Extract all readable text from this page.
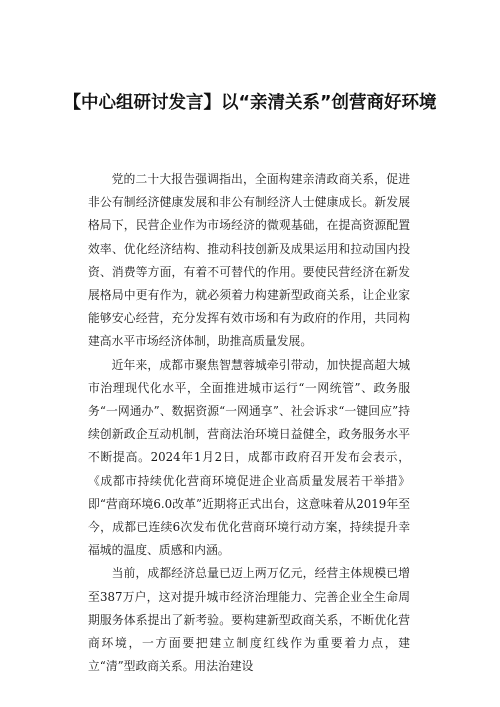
【中心组研讨发言】以“亲清关系”创营商好环境

党的二十大报告强调指出，全面构建亲清政商关系，促进非公有制经济健康发展和非公有制经济人士健康成长。新发展格局下，民营企业作为市场经济的微观基础，在提高资源配置效率、优化经济结构、推动科技创新及成果运用和拉动国内投资、消费等方面，有着不可替代的作用。要使民营经济在新发展格局中更有作为，就必须着力构建新型政商关系，让企业家能够安心经营，充分发挥有效市场和有为政府的作用，共同构建高水平市场经济体制，助推高质量发展。

近年来，成都市聚焦智慧蓉城牵引带动，加快提高超大城市治理现代化水平，全面推进城市运行“一网统管”、政务服务“一网通办”、数据资源“一网通享”、社会诉求“一键回应”持续创新政企互动机制，营商法治环境日益健全，政务服务水平不断提高。2024年1月2日，成都市政府召开发布会表示，《成都市持续优化营商环境促进企业高质量发展若干举措》即“营商环境6.0改革”近期将正式出台，这意味着从2019年至今，成都已连续6次发布优化营商环境行动方案，持续提升幸福城的温度、质感和内涵。

当前，成都经济总量已迈上两万亿元，经营主体规模已增至387万户，这对提升城市经济治理能力、完善企业全生命周期服务体系提出了新考验。要构建新型政商关系，不断优化营商环境，一方面要把建立制度红线作为重要着力点，建立“清”型政商关系。用法治建设
